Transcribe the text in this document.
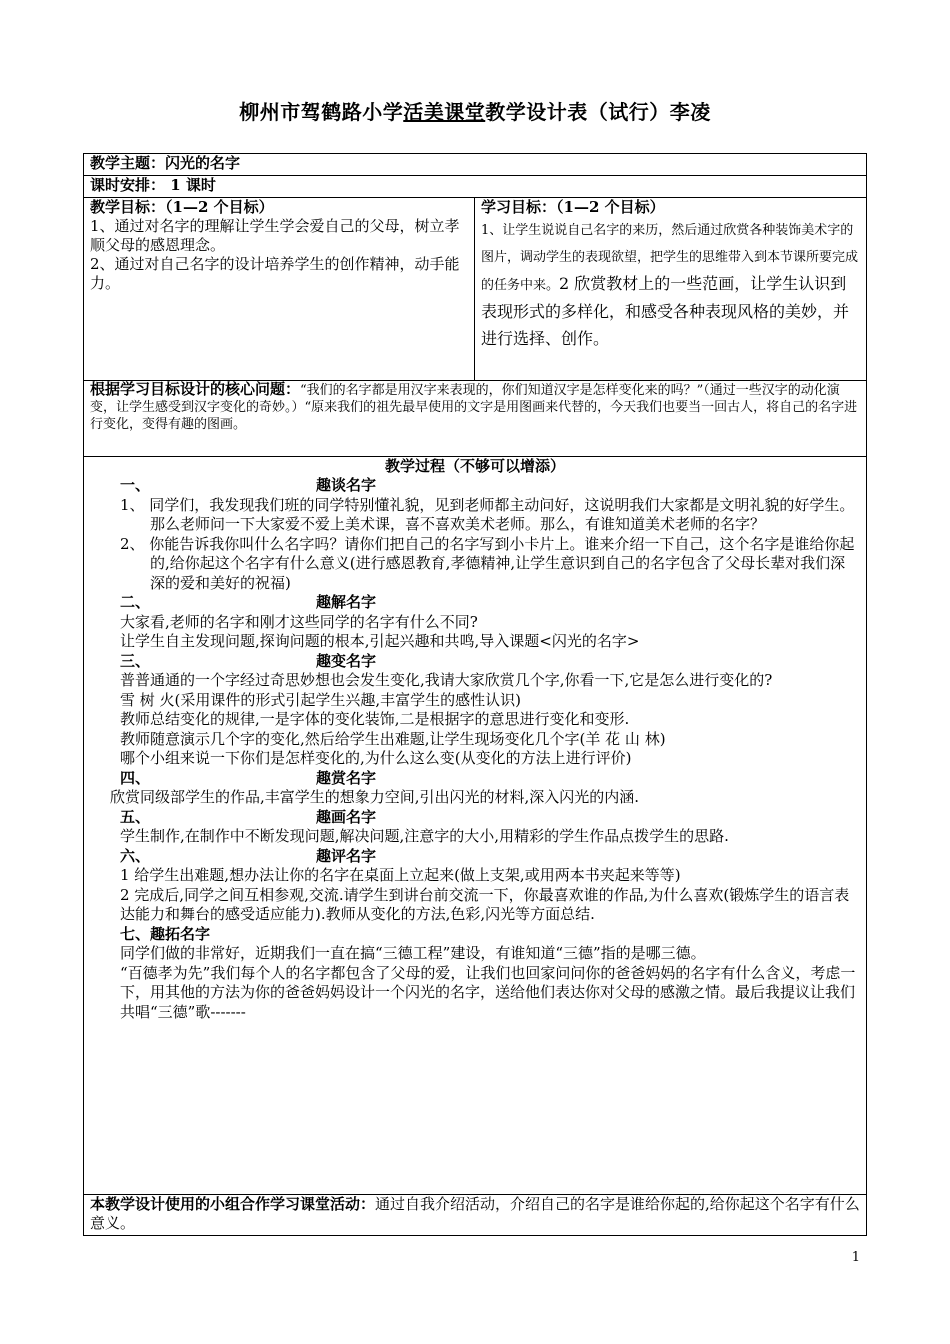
柳州市驾鹤路小学活美课堂教学设计表（试行）李凌
教学主题：闪光的名字
课时安排： 1 课时
教学目标：（1—2 个目标）
1、通过对名字的理解让学生学会爱自己的父母，树立孝顺父母的感恩理念。
2、通过对自己名字的设计培养学生的创作精神，动手能力。
学习目标：（1—2 个目标）
1、让学生说说自己名字的来历，然后通过欣赏各种装饰美术字的图片，调动学生的表现欲望，把学生的思维带入到本节课所要完成的任务中来。2 欣赏教材上的一些范画，让学生认识到表现形式的多样化，和感受各种表现风格的美妙，并进行选择、创作。
根据学习目标设计的核心问题：“我们的名字都是用汉字来表现的，你们知道汉字是怎样变化来的吗？”（通过一些汉字的动化演变，让学生感受到汉字变化的奇妙。）“原来我们的祖先最早使用的文字是用图画来代替的，今天我们也要当一回古人，将自己的名字进行变化，变得有趣的图画。
教学过程（不够可以增添）
一、	趣谈名字

1、 同学们，我发现我们班的同学特别懂礼貌，见到老师都主动问好，这说明我们大家都是文明礼貌的好学生。那么老师问一下大家爱不爱上美术课，喜不喜欢美术老师。那么，有谁知道美术老师的名字？

2、 你能告诉我你叫什么名字吗？请你们把自己的名字写到小卡片上。谁来介绍一下自己，这个名字是谁给你起的,给你起这个名字有什么意义(进行感恩教育,孝德精神,让学生意识到自己的名字包含了父母长辈对我们深深的爱和美好的祝福)

二、	趣解名字

大家看,老师的名字和刚才这些同学的名字有什么不同?

让学生自主发现问题,探询问题的根本,引起兴趣和共鸣,导入课题<闪光的名字>

三、	趣变名字

普普通通的一个字经过奇思妙想也会发生变化,我请大家欣赏几个字,你看一下,它是怎么进行变化的?

雪 树 火(采用课件的形式引起学生兴趣,丰富学生的感性认识)

教师总结变化的规律,一是字体的变化装饰,二是根据字的意思进行变化和变形.

教师随意演示几个字的变化,然后给学生出难题,让学生现场变化几个字(羊 花 山 林)

哪个小组来说一下你们是怎样变化的,为什么这么变(从变化的方法上进行评价)

四、	趣赏名字

欣赏同级部学生的作品,丰富学生的想象力空间,引出闪光的材料,深入闪光的内涵.

五、	趣画名字

学生制作,在制作中不断发现问题,解决问题,注意字的大小,用精彩的学生作品点拨学生的思路.

六、	趣评名字

1 给学生出难题,想办法让你的名字在桌面上立起来(做上支架,或用两本书夹起来等等)

2 完成后,同学之间互相参观,交流.请学生到讲台前交流一下，你最喜欢谁的作品,为什么喜欢(锻炼学生的语言表达能力和舞台的感受适应能力).教师从变化的方法,色彩,闪光等方面总结.

七、趣拓名字

同学们做的非常好，近期我们一直在搞“三德工程”建设，有谁知道“三德”指的是哪三德。

“百德孝为先”我们每个人的名字都包含了父母的爱，让我们也回家问问你的爸爸妈妈的名字有什么含义，考虑一下，用其他的方法为你的爸爸妈妈设计一个闪光的名字，送给他们表达你对父母的感激之情。最后我提议让我们共唱“三德”歌-------

本教学设计使用的小组合作学习课堂活动：通过自我介绍活动，介绍自己的名字是谁给你起的,给你起这个名字有什么意义。
1
